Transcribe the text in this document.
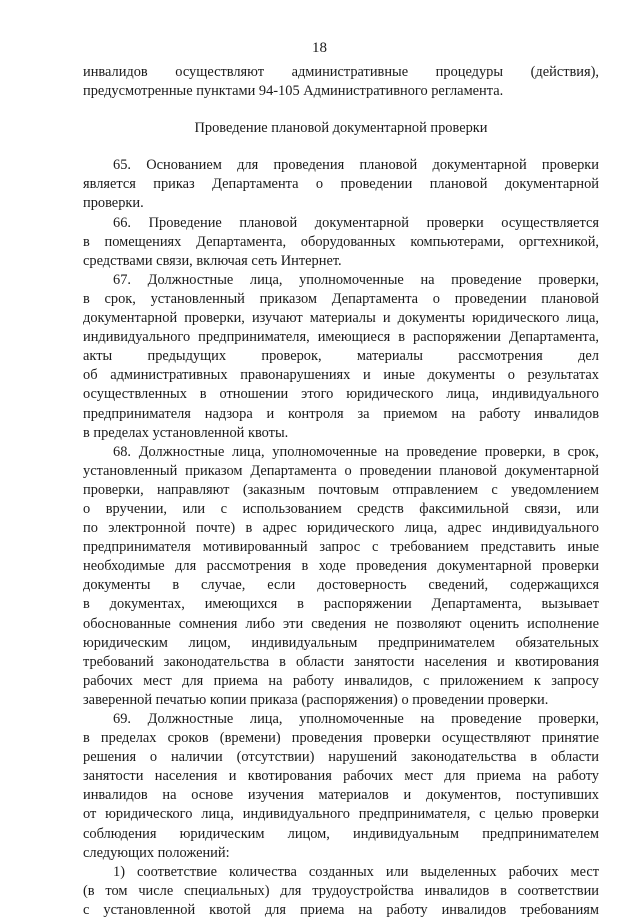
18
инвалидов осуществляют административные процедуры (действия),
предусмотренные пунктами 94-105 Административного регламента.
Проведение плановой документарной проверки
65. Основанием для проведения плановой документарной проверки
является приказ Департамента о проведении плановой документарной
проверки.
66. Проведение плановой документарной проверки осуществляется
в помещениях Департамента, оборудованных компьютерами, оргтехникой,
средствами связи, включая сеть Интернет.
67. Должностные лица, уполномоченные на проведение проверки,
в срок, установленный приказом Департамента о проведении плановой
документарной проверки, изучают материалы и документы юридического лица,
индивидуального предпринимателя, имеющиеся в распоряжении Департамента,
акты предыдущих проверок, материалы рассмотрения дел
об административных правонарушениях и иные документы о результатах
осуществленных в отношении этого юридического лица, индивидуального
предпринимателя надзора и контроля за приемом на работу инвалидов
в пределах установленной квоты.
68. Должностные лица, уполномоченные на проведение проверки, в срок,
установленный приказом Департамента о проведении плановой документарной
проверки, направляют (заказным почтовым отправлением с уведомлением
о вручении, или с использованием средств факсимильной связи, или
по электронной почте) в адрес юридического лица, адрес индивидуального
предпринимателя мотивированный запрос с требованием представить иные
необходимые для рассмотрения в ходе проведения документарной проверки
документы в случае, если достоверность сведений, содержащихся
в документах, имеющихся в распоряжении Департамента, вызывает
обоснованные сомнения либо эти сведения не позволяют оценить исполнение
юридическим лицом, индивидуальным предпринимателем обязательных
требований законодательства в области занятости населения и квотирования
рабочих мест для приема на работу инвалидов, с приложением к запросу
заверенной печатью копии приказа (распоряжения) о проведении проверки.
69. Должностные лица, уполномоченные на проведение проверки,
в пределах сроков (времени) проведения проверки осуществляют принятие
решения о наличии (отсутствии) нарушений законодательства в области
занятости населения и квотирования рабочих мест для приема на работу
инвалидов на основе изучения материалов и документов, поступивших
от юридического лица, индивидуального предпринимателя, с целью проверки
соблюдения юридическим лицом, индивидуальным предпринимателем
следующих положений:
1) соответствие количества созданных или выделенных рабочих мест
(в том числе специальных) для трудоустройства инвалидов в соответствии
с установленной квотой для приема на работу инвалидов требованиям
